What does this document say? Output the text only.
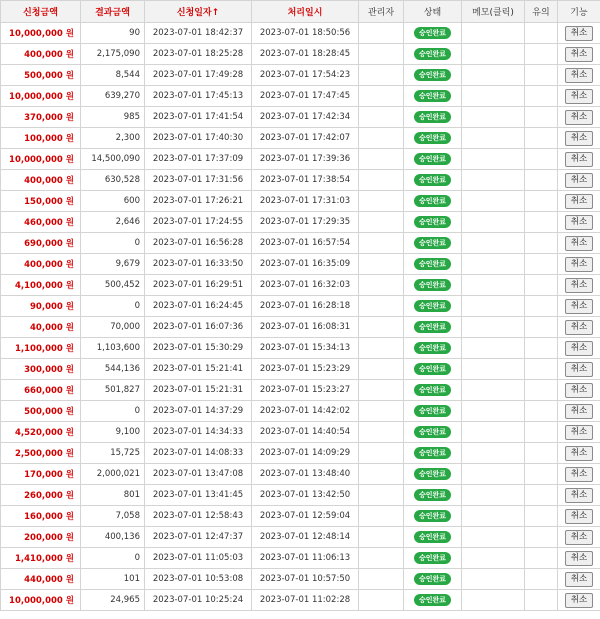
신청금액	결과금액	신청일자↑	처리일시	관리자	상태	메모(클릭)	유의	기능
10,000,000 원	90	2023-07-01 18:42:37	2023-07-01 18:50:56		승인완료			취소
400,000 원	2,175,090	2023-07-01 18:25:28	2023-07-01 18:28:45		승인완료			취소
500,000 원	8,544	2023-07-01 17:49:28	2023-07-01 17:54:23		승인완료			취소
10,000,000 원	639,270	2023-07-01 17:45:13	2023-07-01 17:47:45		승인완료			취소
370,000 원	985	2023-07-01 17:41:54	2023-07-01 17:42:34		승인완료			취소
100,000 원	2,300	2023-07-01 17:40:30	2023-07-01 17:42:07		승인완료			취소
10,000,000 원	14,500,090	2023-07-01 17:37:09	2023-07-01 17:39:36		승인완료			취소
400,000 원	630,528	2023-07-01 17:31:56	2023-07-01 17:38:54		승인완료			취소
150,000 원	600	2023-07-01 17:26:21	2023-07-01 17:31:03		승인완료			취소
460,000 원	2,646	2023-07-01 17:24:55	2023-07-01 17:29:35		승인완료			취소
690,000 원	0	2023-07-01 16:56:28	2023-07-01 16:57:54		승인완료			취소
400,000 원	9,679	2023-07-01 16:33:50	2023-07-01 16:35:09		승인완료			취소
4,100,000 원	500,452	2023-07-01 16:29:51	2023-07-01 16:32:03		승인완료			취소
90,000 원	0	2023-07-01 16:24:45	2023-07-01 16:28:18		승인완료			취소
40,000 원	70,000	2023-07-01 16:07:36	2023-07-01 16:08:31		승인완료			취소
1,100,000 원	1,103,600	2023-07-01 15:30:29	2023-07-01 15:34:13		승인완료			취소
300,000 원	544,136	2023-07-01 15:21:41	2023-07-01 15:23:29		승인완료			취소
660,000 원	501,827	2023-07-01 15:21:31	2023-07-01 15:23:27		승인완료			취소
500,000 원	0	2023-07-01 14:37:29	2023-07-01 14:42:02		승인완료			취소
4,520,000 원	9,100	2023-07-01 14:34:33	2023-07-01 14:40:54		승인완료			취소
2,500,000 원	15,725	2023-07-01 14:08:33	2023-07-01 14:09:29		승인완료			취소
170,000 원	2,000,021	2023-07-01 13:47:08	2023-07-01 13:48:40		승인완료			취소
260,000 원	801	2023-07-01 13:41:45	2023-07-01 13:42:50		승인완료			취소
160,000 원	7,058	2023-07-01 12:58:43	2023-07-01 12:59:04		승인완료			취소
200,000 원	400,136	2023-07-01 12:47:37	2023-07-01 12:48:14		승인완료			취소
1,410,000 원	0	2023-07-01 11:05:03	2023-07-01 11:06:13		승인완료			취소
440,000 원	101	2023-07-01 10:53:08	2023-07-01 10:57:50		승인완료			취소
10,000,000 원	24,965	2023-07-01 10:25:24	2023-07-01 11:02:28		승인완료			취소
